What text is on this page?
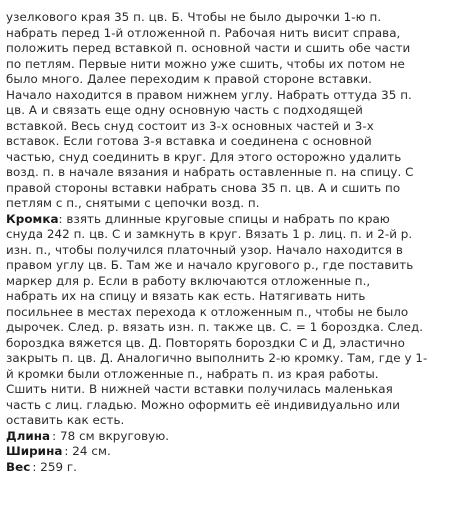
узелкового края 35 п. цв. Б. Чтобы не было дырочки 1-ю п.
набрать перед 1-й отложенной п. Рабочая нить висит справа,
положить перед вставкой п. основной части и сшить обе части
по петлям. Первые нити можно уже сшить, чтобы их потом не
было много. Далее переходим к правой стороне вставки.
Начало находится в правом нижнем углу. Набрать оттуда 35 п.
цв. А и связать еще одну основную часть с подходящей
вставкой. Весь снуд состоит из 3-х основных частей и 3-х
вставок. Если готова 3-я вставка и соединена с основной
частью, снуд соединить в круг. Для этого осторожно удалить
возд. п. в начале вязания и набрать оставленные п. на спицу. С
правой стороны вставки набрать снова 35 п. цв. А и сшить по
петлям с п., снятыми с цепочки возд. п.

Кромка: взять длинные круговые спицы и набрать по краю
снуда 242 п. цв. С и замкнуть в круг. Вязать 1 р. лиц. п. и 2-й р.
изн. п., чтобы получился платочный узор. Начало находится в
правом углу цв. Б. Там же и начало кругового р., где поставить
маркер для р. Если в работу включаются отложенные п.,
набрать их на спицу и вязать как есть. Натягивать нить
посильнее в местах перехода к отложенным п., чтобы не было
дырочек. След. р. вязать изн. п. также цв. С. = 1 бороздка. След.
бороздка вяжется цв. Д. Повторять бороздки С и Д, эластично
закрыть п. цв. Д. Аналогично выполнить 2-ю кромку. Там, где у 1-
й кромки были отложенные п., набрать п. из края работы.
Сшить нити. В нижней части вставки получилась маленькая
часть с лиц. гладью. Можно оформить её индивидуально или
оставить как есть.

Длина : 78 см вкруговую.

Ширина : 24 см.

Вес : 259 г.
